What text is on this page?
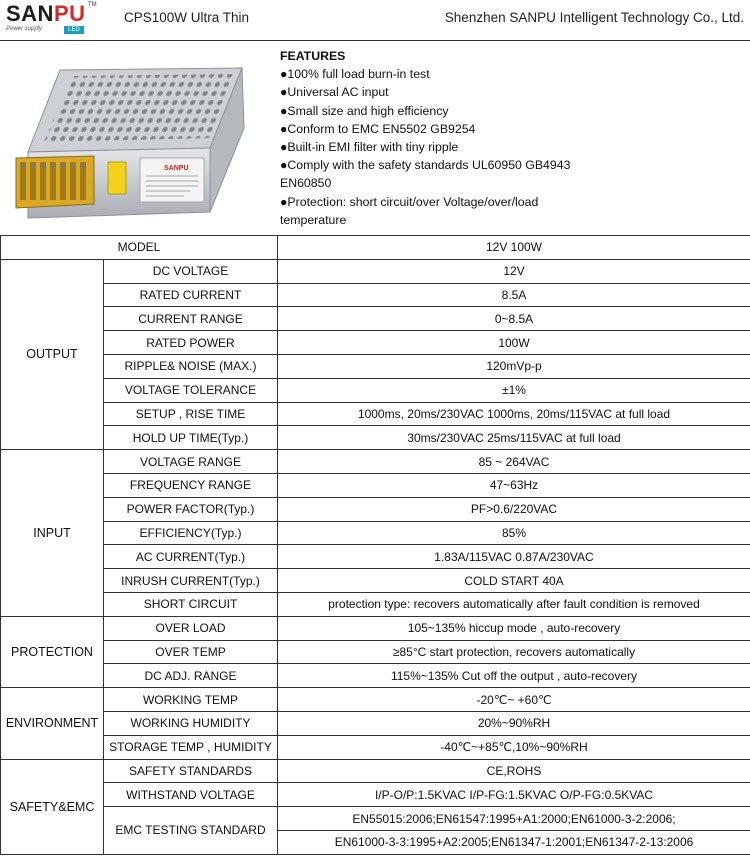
SANPU TM
Power supply	LED
CPS100W Ultra Thin	Shenzhen SANPU Intelligent Technology Co., Ltd.
SANPU
FEATURES
●100% full load burn-in test
●Universal AC input
●Small size and high efficiency
●Conform to EMC EN5502 GB9254
●Built-in EMI filter with tiny ripple
●Comply with the safety standards UL60950 GB4943
EN60850
●Protection: short circuit/over Voltage/over/load
temperature
MODEL		12V 100W
OUTPUT	DC VOLTAGE	12V
	RATED CURRENT	8.5A
	CURRENT RANGE	0~8.5A
	RATED POWER	100W
	RIPPLE& NOISE (MAX.)	120mVp-p
	VOLTAGE TOLERANCE	±1%
	SETUP , RISE TIME	1000ms, 20ms/230VAC 1000ms, 20ms/115VAC at full load
	HOLD UP TIME(Typ.)	30ms/230VAC 25ms/115VAC at full load
INPUT	VOLTAGE RANGE	85 ~ 264VAC
	FREQUENCY RANGE	47~63Hz
	POWER FACTOR(Typ.)	PF>0.6/220VAC
	EFFICIENCY(Typ.)	85%
	AC CURRENT(Typ.)	1.83A/115VAC 0.87A/230VAC
	INRUSH CURRENT(Typ.)	COLD START 40A
	SHORT CIRCUIT	protection type: recovers automatically after fault condition is removed
PROTECTION	OVER LOAD	105~135% hiccup mode , auto-recovery
	OVER TEMP	≥85°C start protection, recovers automatically
	DC ADJ. RANGE	115%~135% Cut off the output , auto-recovery
ENVIRONMENT	WORKING TEMP	-20℃~ +60℃
	WORKING HUMIDITY	20%~90%RH
	STORAGE TEMP , HUMIDITY	-40℃~+85℃,10%~90%RH
SAFETY&EMC	SAFETY STANDARDS	CE,ROHS
	WITHSTAND VOLTAGE	I/P-O/P:1.5KVAC I/P-FG:1.5KVAC O/P-FG:0.5KVAC
	EMC TESTING STANDARD	EN55015:2006;EN61547:1995+A1:2000;EN61000-3-2:2006;
		EN61000-3-3:1995+A2:2005;EN61347-1:2001;EN61347-2-13:2006
